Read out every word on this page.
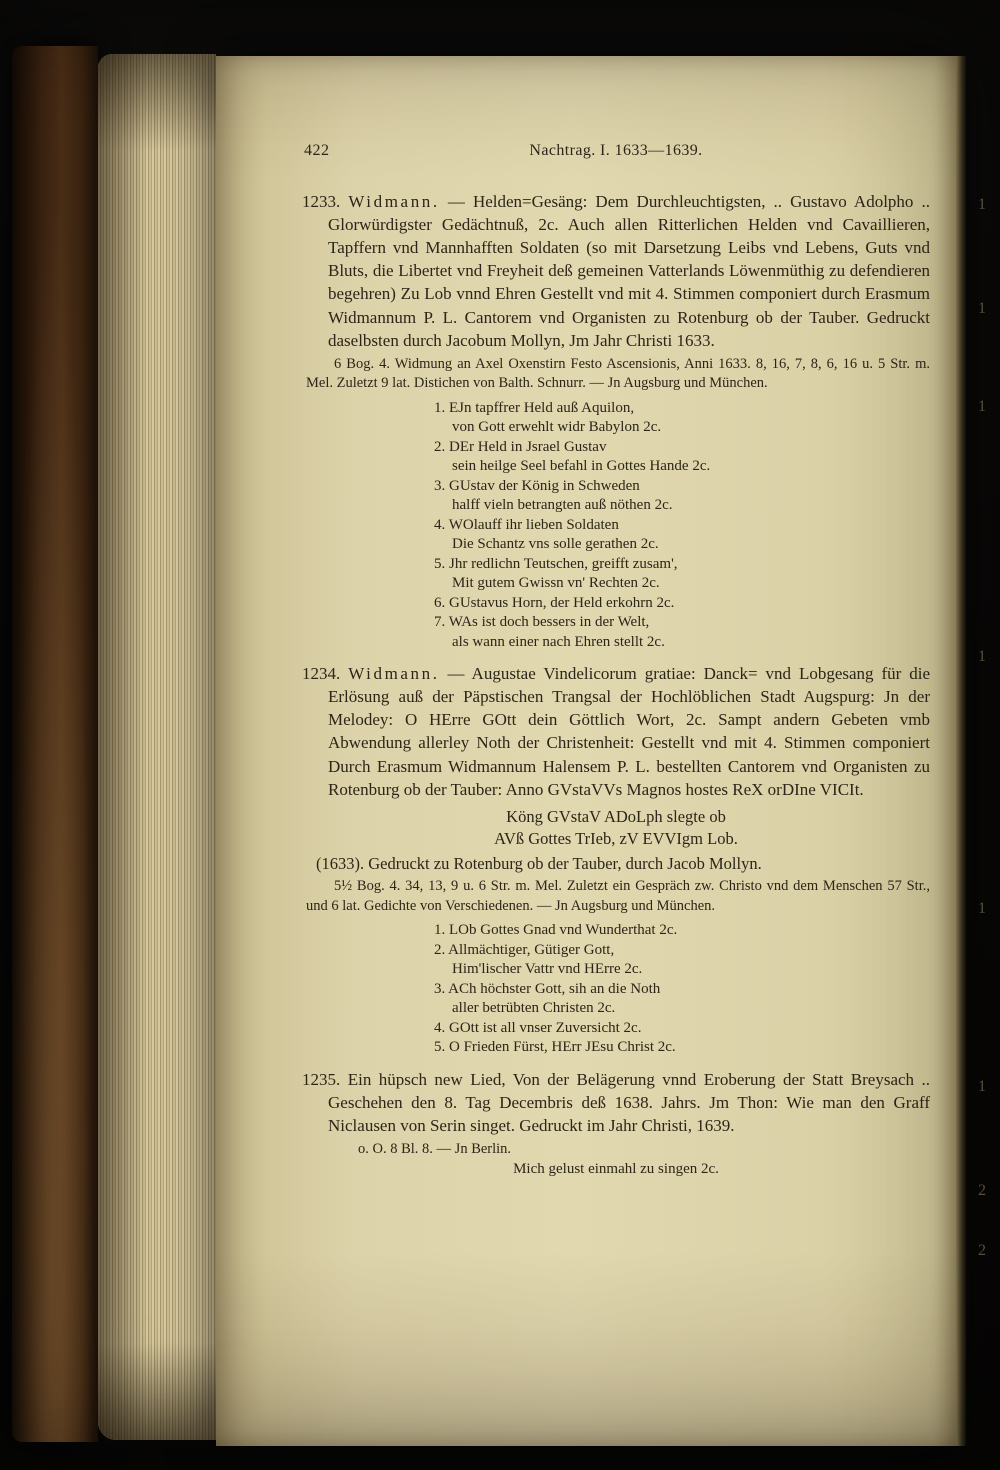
422	Nachtrag. I. 1633—1639.

1233. Widmann. — Helden=Gesäng: Dem Durchleuchtigsten, .. Gustavo Adolpho .. Glorwürdigster Gedächtnuß, 2c. Auch allen Ritterlichen Helden vnd Cavaillieren, Tapffern vnd Mannhafften Soldaten (so mit Darsetzung Leibs vnd Lebens, Guts vnd Bluts, die Libertet vnd Freyheit deß gemeinen Vatterlands Löwenmüthig zu defendieren begehren) Zu Lob vnnd Ehren Gestellt vnd mit 4. Stimmen componiert durch Erasmum Widmannum P. L. Cantorem vnd Organisten zu Rotenburg ob der Tauber. Gedruckt daselbsten durch Jacobum Mollyn, Jm Jahr Christi 1633.

6 Bog. 4. Widmung an Axel Oxenstirn Festo Ascensionis, Anni 1633. 8, 16, 7, 8, 6, 16 u. 5 Str. m. Mel. Zuletzt 9 lat. Distichen von Balth. Schnurr. — Jn Augsburg und München.

1. EJn tapffrer Held auß Aquilon,
von Gott erwehlt widr Babylon 2c.
2. DEr Held in Jsrael Gustav
sein heilge Seel befahl in Gottes Hande 2c.
3. GUstav der König in Schweden
halff vieln betrangten auß nöthen 2c.
4. WOlauff ihr lieben Soldaten
Die Schantz vns solle gerathen 2c.
5. Jhr redlichn Teutschen, greifft zusam',
Mit gutem Gwissn vn' Rechten 2c.
6. GUstavus Horn, der Held erkohrn 2c.
7. WAs ist doch bessers in der Welt,
als wann einer nach Ehren stellt 2c.

1234. Widmann. — Augustae Vindelicorum gratiae: Danck= vnd Lobgesang für die Erlösung auß der Päpstischen Trangsal der Hochlöblichen Stadt Augspurg: Jn der Melodey: O HErre GOtt dein Göttlich Wort, 2c. Sampt andern Gebeten vmb Abwendung allerley Noth der Christenheit: Gestellt vnd mit 4. Stimmen componiert Durch Erasmum Widmannum Halensem P. L. bestellten Cantorem vnd Organisten zu Rotenburg ob der Tauber: Anno GVstaVVs Magnos hostes ReX orDIne VICIt.

Köng GVstaV ADoLph slegte ob
AVß Gottes TrIeb, zV EVVIgm Lob.

(1633). Gedruckt zu Rotenburg ob der Tauber, durch Jacob Mollyn.

5½ Bog. 4. 34, 13, 9 u. 6 Str. m. Mel. Zuletzt ein Gespräch zw. Christo vnd dem Menschen 57 Str., und 6 lat. Gedichte von Verschiedenen. — Jn Augsburg und München.

1. LOb Gottes Gnad vnd Wunderthat 2c.
2. Allmächtiger, Gütiger Gott,
Him'lischer Vattr vnd HErre 2c.
3. ACh höchster Gott, sih an die Noth
aller betrübten Christen 2c.
4. GOtt ist all vnser Zuversicht 2c.
5. O Frieden Fürst, HErr JEsu Christ 2c.

1235. Ein hüpsch new Lied, Von der Belägerung vnnd Eroberung der Statt Breysach .. Geschehen den 8. Tag Decembris deß 1638. Jahrs. Jm Thon: Wie man den Graff Niclausen von Serin singet. Gedruckt im Jahr Christi, 1639.

o. O. 8 Bl. 8. — Jn Berlin.

Mich gelust einmahl zu singen 2c.
1
1
1
1
1
1
2
2
